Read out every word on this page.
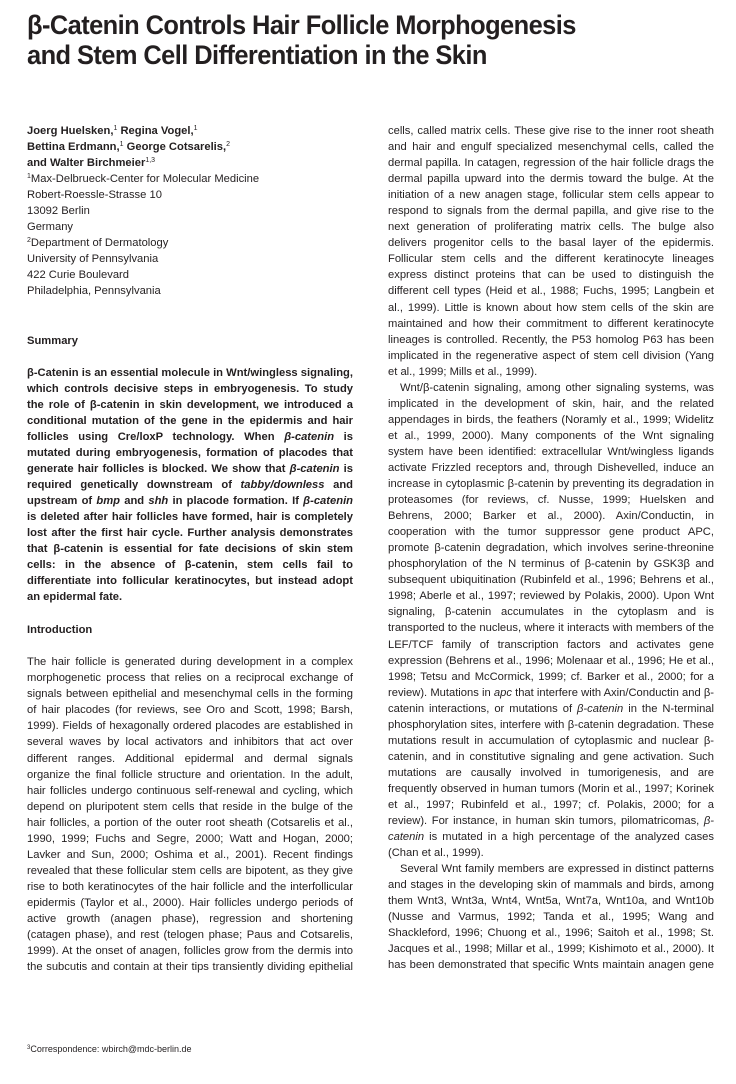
β-Catenin Controls Hair Follicle Morphogenesis
and Stem Cell Differentiation in the Skin

Joerg Huelsken,$^1$ Regina Vogel,$^1$

Bettina Erdmann,$^1$ George Cotsarelis,$^2$

and Walter Birchmeier$^{1,3}$

$^1$Max-Delbrueck-Center for Molecular Medicine

Robert-Roessle-Strasse 10

13092 Berlin

Germany

$^2$Department of Dermatology

University of Pennsylvania

422 Curie Boulevard

Philadelphia, Pennsylvania

Summary

β-Catenin is an essential molecule in Wnt/wingless signaling, which controls decisive steps in embryogenesis. To study the role of β-catenin in skin development, we introduced a conditional mutation of the gene in the epidermis and hair follicles using Cre/loxP technology. When β-catenin is mutated during embryogenesis, formation of placodes that generate hair follicles is blocked. We show that β-catenin is required genetically downstream of tabby/downless and upstream of bmp and shh in placode formation. If β-catenin is deleted after hair follicles have formed, hair is completely lost after the first hair cycle. Further analysis demonstrates that β-catenin is essential for fate decisions of skin stem cells: in the absence of β-catenin, stem cells fail to differentiate into follicular keratinocytes, but instead adopt an epidermal fate.

Introduction

The hair follicle is generated during development in a complex morphogenetic process that relies on a reciprocal exchange of signals between epithelial and mesenchymal cells in the forming of hair placodes (for reviews, see Oro and Scott, 1998; Barsh, 1999). Fields of hexagonally ordered placodes are established in several waves by local activators and inhibitors that act over different ranges. Additional epidermal and dermal signals organize the final follicle structure and orientation. In the adult, hair follicles undergo continuous self-renewal and cycling, which depend on pluripotent stem cells that reside in the bulge of the hair follicles, a portion of the outer root sheath (Cotsarelis et al., 1990, 1999; Fuchs and Segre, 2000; Watt and Hogan, 2000; Lavker and Sun, 2000; Oshima et al., 2001). Recent findings revealed that these follicular stem cells are bipotent, as they give rise to both keratinocytes of the hair follicle and the interfollicular epidermis (Taylor et al., 2000). Hair follicles undergo periods of active growth (anagen phase), regression and shortening (catagen phase), and rest (telogen phase; Paus and Cotsarelis, 1999). At the onset of anagen, follicles grow from the dermis into the subcutis and contain at their tips transiently dividing epithelial

cells, called matrix cells. These give rise to the inner root sheath and hair and engulf specialized mesenchymal cells, called the dermal papilla. In catagen, regression of the hair follicle drags the dermal papilla upward into the dermis toward the bulge. At the initiation of a new anagen stage, follicular stem cells appear to respond to signals from the dermal papilla, and give rise to the next generation of proliferating matrix cells. The bulge also delivers progenitor cells to the basal layer of the epidermis. Follicular stem cells and the different keratinocyte lineages express distinct proteins that can be used to distinguish the different cell types (Heid et al., 1988; Fuchs, 1995; Langbein et al., 1999). Little is known about how stem cells of the skin are maintained and how their commitment to different keratinocyte lineages is controlled. Recently, the P53 homolog P63 has been implicated in the regenerative aspect of stem cell division (Yang et al., 1999; Mills et al., 1999).

Wnt/β-catenin signaling, among other signaling systems, was implicated in the development of skin, hair, and the related appendages in birds, the feathers (Noramly et al., 1999; Widelitz et al., 1999, 2000). Many components of the Wnt signaling system have been identified: extracellular Wnt/wingless ligands activate Frizzled receptors and, through Dishevelled, induce an increase in cytoplasmic β-catenin by preventing its degradation in proteasomes (for reviews, cf. Nusse, 1999; Huelsken and Behrens, 2000; Barker et al., 2000). Axin/Conductin, in cooperation with the tumor suppressor gene product APC, promote β-catenin degradation, which involves serine-threonine phosphorylation of the N terminus of β-catenin by GSK3β and subsequent ubiquitination (Rubinfeld et al., 1996; Behrens et al., 1998; Aberle et al., 1997; reviewed by Polakis, 2000). Upon Wnt signaling, β-catenin accumulates in the cytoplasm and is transported to the nucleus, where it interacts with members of the LEF/TCF family of transcription factors and activates gene expression (Behrens et al., 1996; Molenaar et al., 1996; He et al., 1998; Tetsu and McCormick, 1999; cf. Barker et al., 2000; for a review). Mutations in apc that interfere with Axin/Conductin and β-catenin interactions, or mutations of β-catenin in the N-terminal phosphorylation sites, interfere with β-catenin degradation. These mutations result in accumulation of cytoplasmic and nuclear β-catenin, and in constitutive signaling and gene activation. Such mutations are causally involved in tumorigenesis, and are frequently observed in human tumors (Morin et al., 1997; Korinek et al., 1997; Rubinfeld et al., 1997; cf. Polakis, 2000; for a review). For instance, in human skin tumors, pilomatricomas, β-catenin is mutated in a high percentage of the analyzed cases (Chan et al., 1999).

Several Wnt family members are expressed in distinct patterns and stages in the developing skin of mammals and birds, among them Wnt3, Wnt3a, Wnt4, Wnt5a, Wnt7a, Wnt10a, and Wnt10b (Nusse and Varmus, 1992; Tanda et al., 1995; Wang and Shackleford, 1996; Chuong et al., 1996; Saitoh et al., 1998; St. Jacques et al., 1998; Millar et al., 1999; Kishimoto et al., 2000). It has been demonstrated that specific Wnts maintain anagen gene

$^3$Correspondence: wbirch@mdc-berlin.de
